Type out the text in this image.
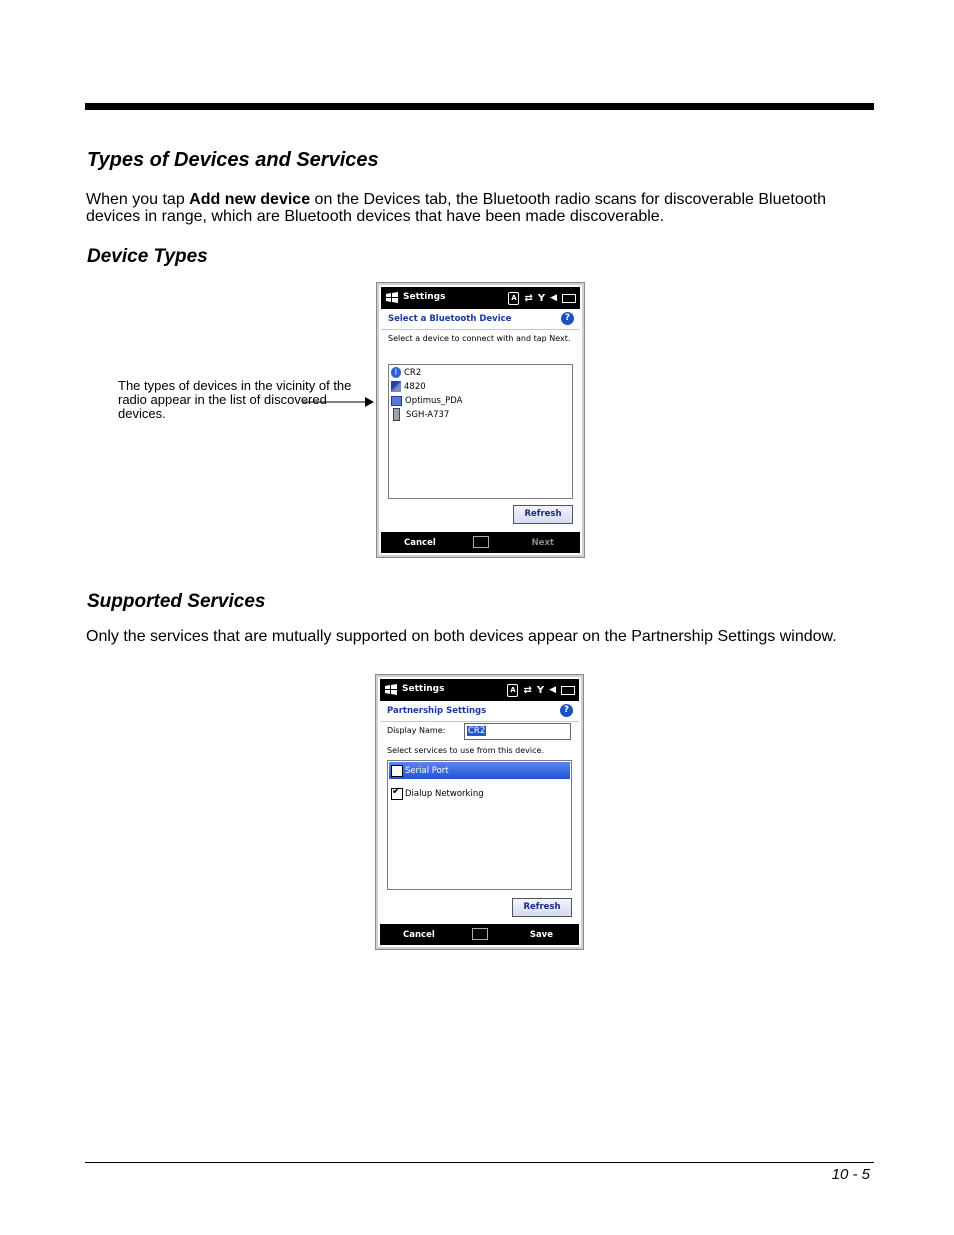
Types of Devices and Services

When you tap Add new device on the Devices tab, the Bluetooth radio scans for discoverable Bluetooth devices in range, which are Bluetooth devices that have been made discoverable.

Device Types
The types of devices in the vicinity of the radio appear in the list of discovered devices.
Settings	A ⇄ Y ◀
Select a Bluetooth Device	?
Select a device to connect with and tap Next.
ᛒ CR2
4820
Optimus_PDA
SGH-A737
Refresh
Cancel	Next
Supported Services

Only the services that are mutually supported on both devices appear on the Partnership Settings window.

Settings	A ⇄ Y ◀
Partnership Settings	?
Display Name:	CR2
Select services to use from this device.
Serial Port
✔
Dialup Networking
Refresh
Cancel	Save
10 - 5
